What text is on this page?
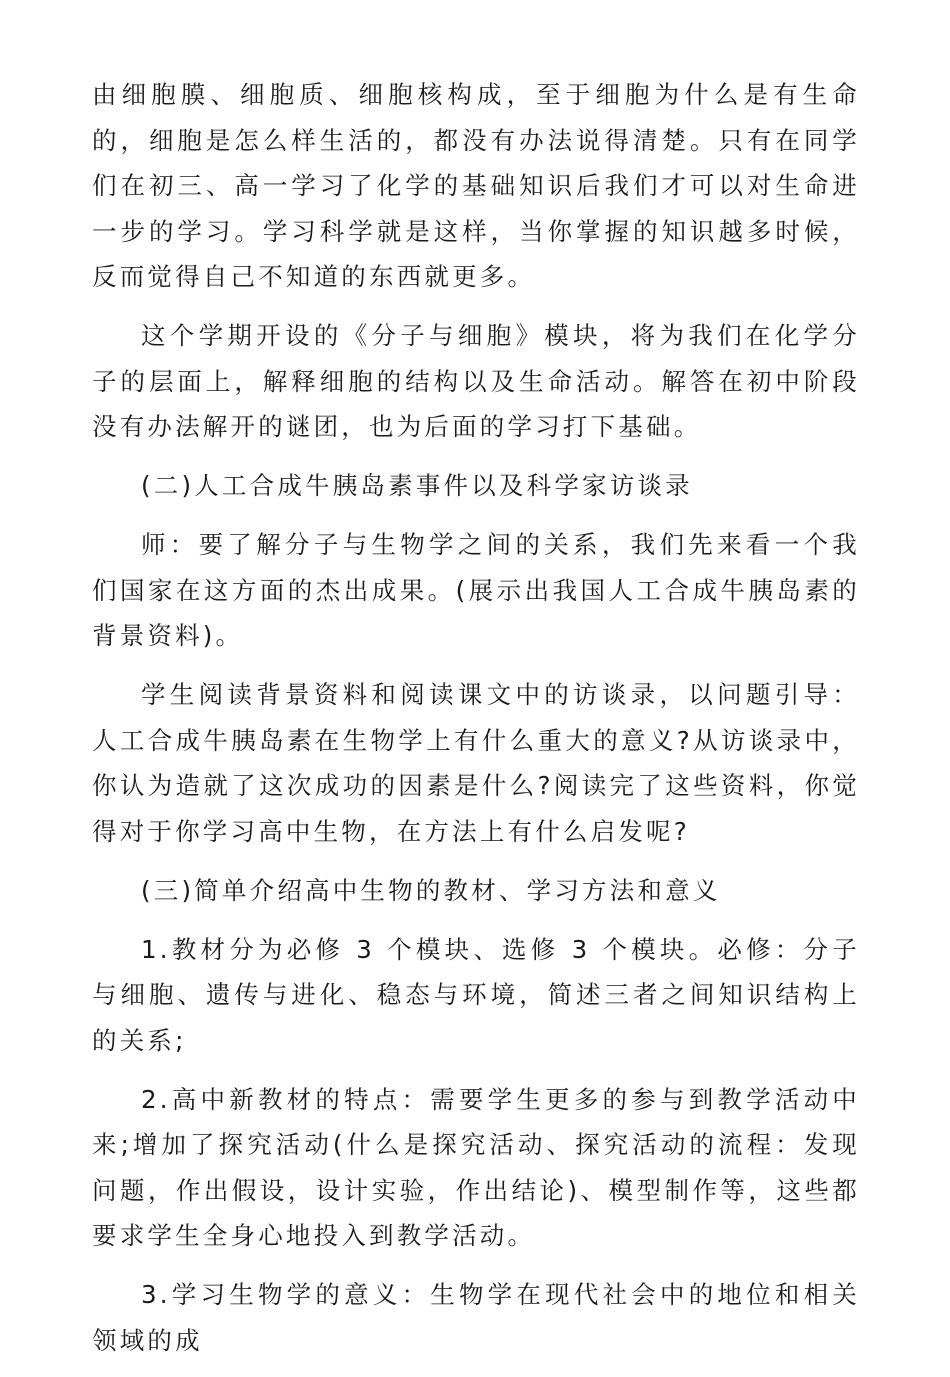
由细胞膜、细胞质、细胞核构成，至于细胞为什么是有生命的，细胞是怎么样生活的，都没有办法说得清楚。只有在同学们在初三、高一学习了化学的基础知识后我们才可以对生命进一步的学习。学习科学就是这样，当你掌握的知识越多时候，反而觉得自己不知道的东西就更多。

这个学期开设的《分子与细胞》模块，将为我们在化学分子的层面上，解释细胞的结构以及生命活动。解答在初中阶段没有办法解开的谜团，也为后面的学习打下基础。

(二)人工合成牛胰岛素事件以及科学家访谈录

师：要了解分子与生物学之间的关系，我们先来看一个我们国家在这方面的杰出成果。(展示出我国人工合成牛胰岛素的背景资料)。

学生阅读背景资料和阅读课文中的访谈录，以问题引导：人工合成牛胰岛素在生物学上有什么重大的意义?从访谈录中，你认为造就了这次成功的因素是什么?阅读完了这些资料，你觉得对于你学习高中生物，在方法上有什么启发呢?

(三)简单介绍高中生物的教材、学习方法和意义

1.教材分为必修 3 个模块、选修 3 个模块。必修：分子与细胞、遗传与进化、稳态与环境，简述三者之间知识结构上的关系;

2.高中新教材的特点：需要学生更多的参与到教学活动中来;增加了探究活动(什么是探究活动、探究活动的流程：发现问题，作出假设，设计实验，作出结论)、模型制作等，这些都要求学生全身心地投入到教学活动。

3.学习生物学的意义：生物学在现代社会中的地位和相关领域的成
